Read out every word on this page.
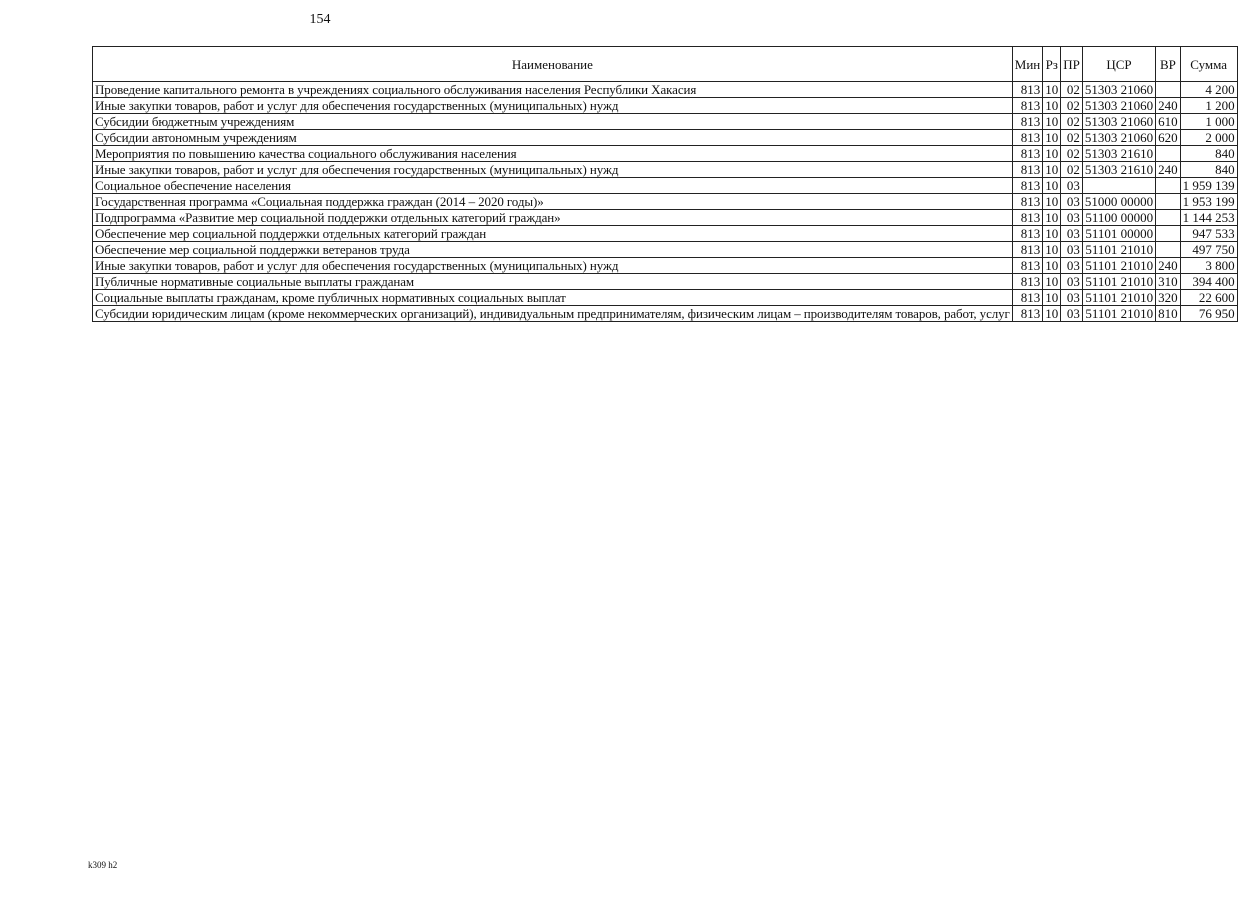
154
Наименование	Мин	Рз	ПР	ЦСР	ВР	Сумма
Проведение капитального ремонта в учреждениях социального обслуживания населения Республики Хакасия	813	10	02	51303 21060		4 200
Иные закупки товаров, работ и услуг для обеспечения государственных (муниципальных) нужд	813	10	02	51303 21060	240	1 200
Субсидии бюджетным учреждениям	813	10	02	51303 21060	610	1 000
Субсидии автономным учреждениям	813	10	02	51303 21060	620	2 000
Мероприятия по повышению качества социального обслуживания населения	813	10	02	51303 21610		840
Иные закупки товаров, работ и услуг для обеспечения государственных (муниципальных) нужд	813	10	02	51303 21610	240	840
Социальное обеспечение населения	813	10	03			1 959 139
Государственная программа «Социальная поддержка граждан (2014 – 2020 годы)»	813	10	03	51000 00000		1 953 199
Подпрограмма «Развитие мер социальной поддержки отдельных категорий граждан»	813	10	03	51100 00000		1 144 253
Обеспечение мер социальной поддержки отдельных категорий граждан	813	10	03	51101 00000		947 533
Обеспечение мер социальной поддержки ветеранов труда	813	10	03	51101 21010		497 750
Иные закупки товаров, работ и услуг для обеспечения государственных (муниципальных) нужд	813	10	03	51101 21010	240	3 800
Публичные нормативные социальные выплаты гражданам	813	10	03	51101 21010	310	394 400
Социальные выплаты гражданам, кроме публичных нормативных социальных выплат	813	10	03	51101 21010	320	22 600
Субсидии юридическим лицам (кроме некоммерческих организаций), индивидуальным предпринимателям, физическим лицам – производителям товаров, работ, услуг	813	10	03	51101 21010	810	76 950
k309 h2
